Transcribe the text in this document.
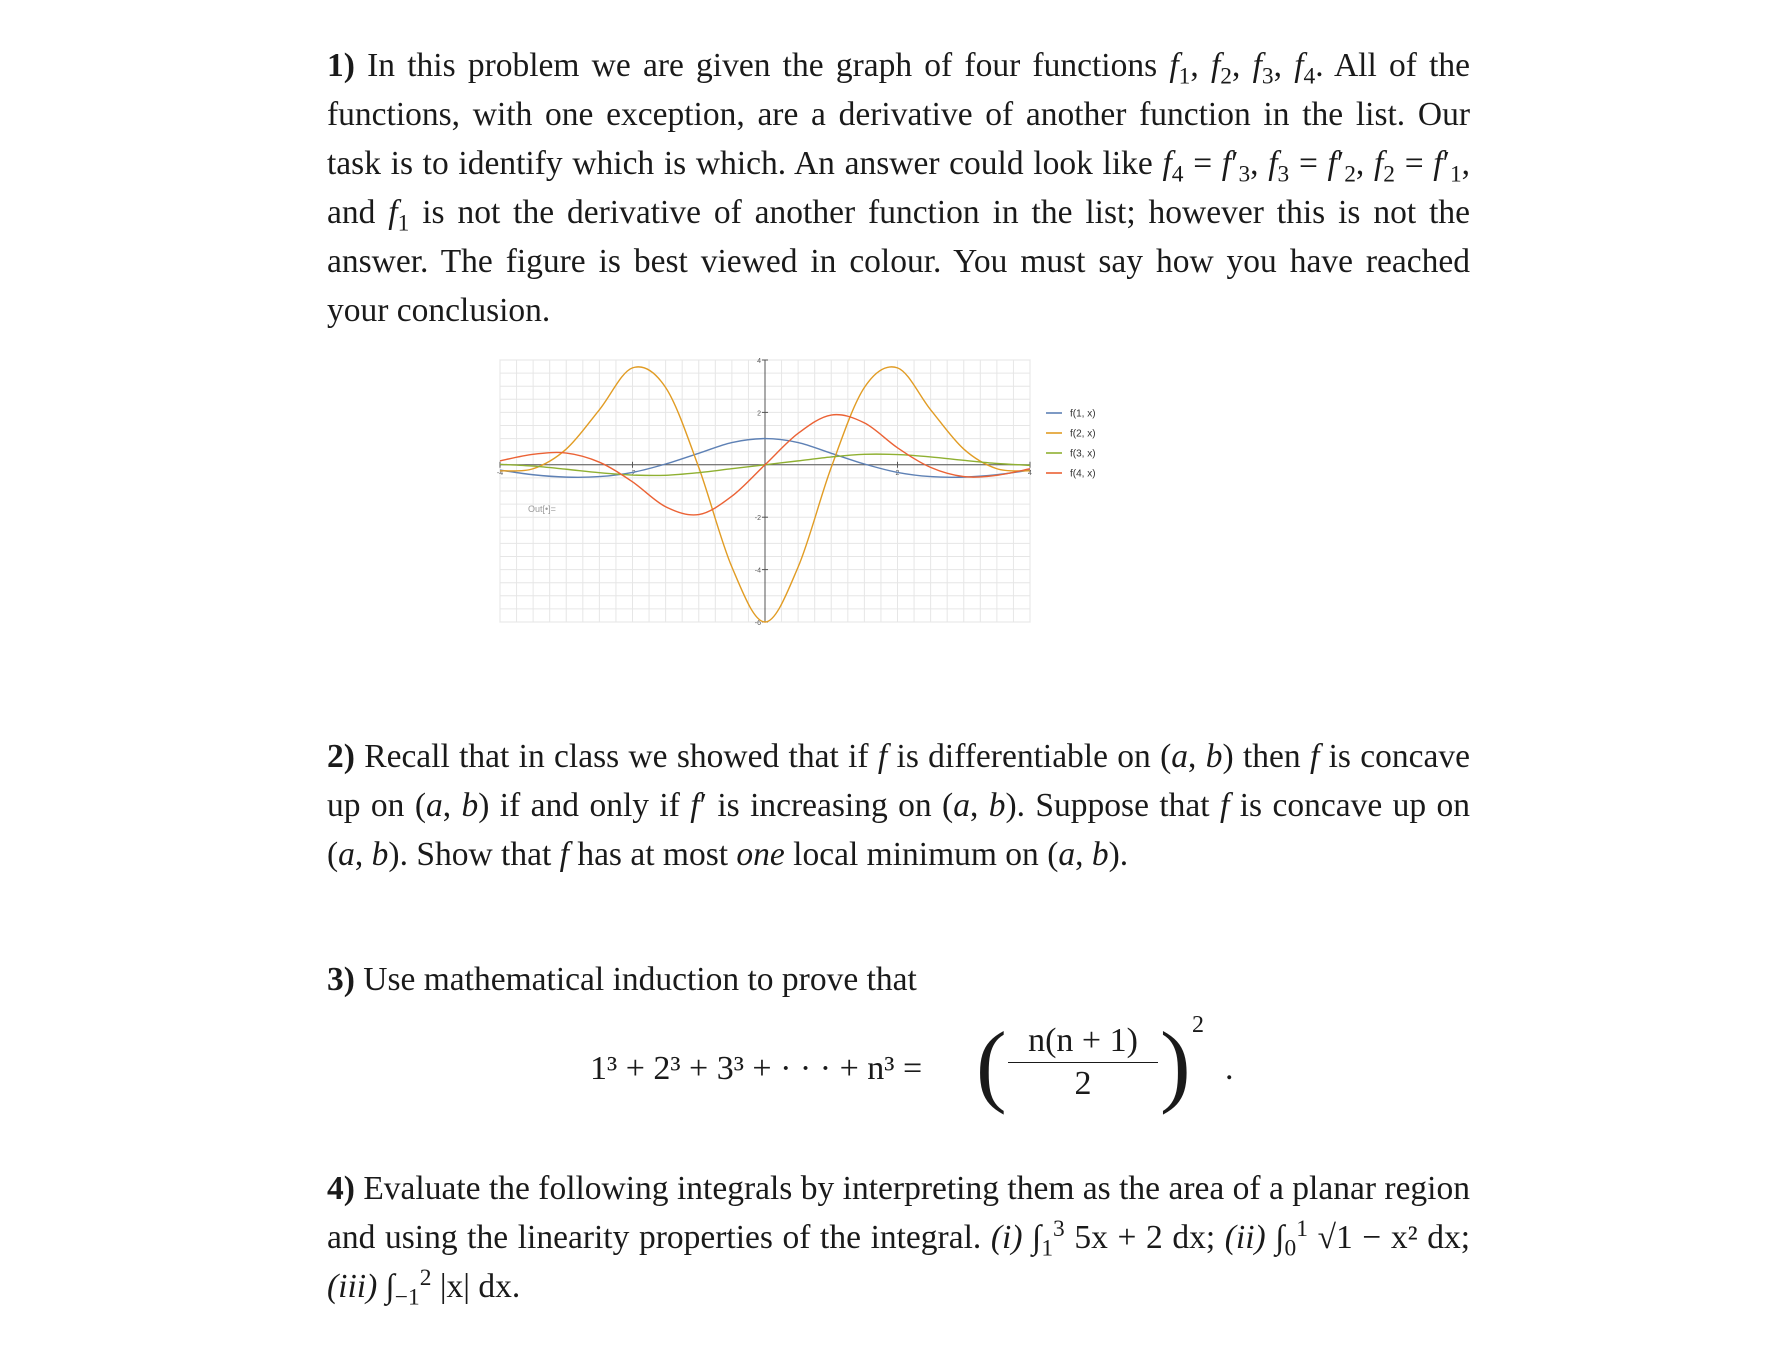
1) In this problem we are given the graph of four functions $f_1$, $f_2$, $f_3$, $f_4$. All of the functions, with one exception, are a derivative of another function in the list. Our task is to identify which is which. An answer could look like $f_4 = f'_3$, $f_3 = f'_2$, $f_2 = f'_1$, and $f_1$ is not the derivative of another function in the list; however this is not the answer. The figure is best viewed in colour. You must say how you have reached your conclusion.
-4	-2	2	4
-6
-4
-2
2
4
f(1, x)
f(2, x)
f(3, x)
f(4, x)
Out[•]=
2) Recall that in class we showed that if f is differentiable on (a, b) then f is concave up on (a, b) if and only if f′ is increasing on (a, b). Suppose that f is concave up on (a, b). Show that f has at most one local minimum on (a, b).
3) Use mathematical induction to prove that
1³ + 2³ + 3³ + · · · + n³ = ( $\frac{n(n + 1)}{2}$ ) 2
.
4) Evaluate the following integrals by interpreting them as the area of a planar region and using the linearity properties of the integral. (i) $\int_1^3$ 5x + 2 dx; (ii) $\int_0^1$ √1 − x² dx; (iii) $\int_{-1}^2$ |x| dx.
